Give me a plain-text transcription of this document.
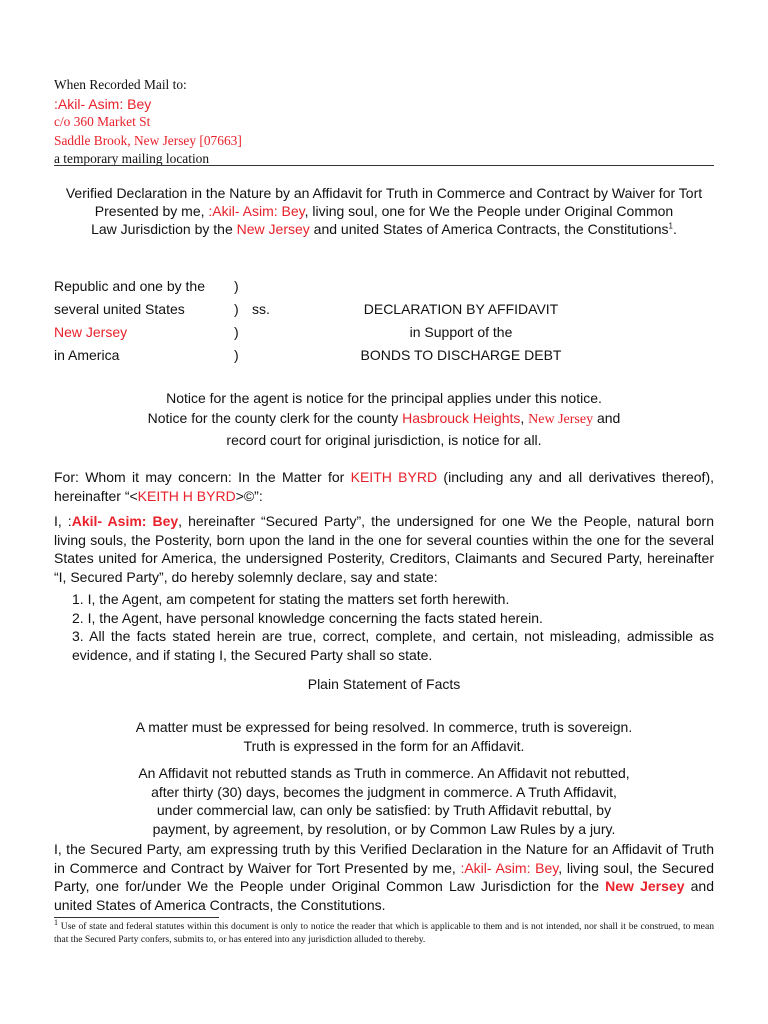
When Recorded Mail to:
:Akil- Asim: Bey
c/o 360 Market St
Saddle Brook, New Jersey [07663]
a temporary mailing location
Verified Declaration in the Nature by an Affidavit for Truth in Commerce and Contract by Waiver for Tort Presented by me, :Akil- Asim: Bey, living soul, one for We the People under Original Common
Law Jurisdiction by the New Jersey and united States of America Contracts, the Constitutions$^1$.
Republic and one by the )
several united States	) ss.	DECLARATION BY AFFIDAVIT
New Jersey	)	in Support of the
in America	)	BONDS TO DISCHARGE DEBT
Notice for the agent is notice for the principal applies under this notice.
Notice for the county clerk for the county Hasbrouck Heights, New Jersey and
record court for original jurisdiction, is notice for all.
For: Whom it may concern: In the Matter for KEITH BYRD (including any and all derivatives thereof), hereinafter “<KEITH H BYRD>©”:
I, :Akil- Asim: Bey, hereinafter “Secured Party”, the undersigned for one We the People, natural born living souls, the Posterity, born upon the land in the one for several counties within the one for the several States united for America, the undersigned Posterity, Creditors, Claimants and Secured Party, hereinafter “I, Secured Party”, do hereby solemnly declare, say and state:

1. I, the Agent, am competent for stating the matters set forth herewith.

2. I, the Agent, have personal knowledge concerning the facts stated herein.

3. All the facts stated herein are true, correct, complete, and certain, not misleading, admissible as evidence, and if stating I, the Secured Party shall so state.

Plain Statement of Facts
A matter must be expressed for being resolved. In commerce, truth is sovereign.
Truth is expressed in the form for an Affidavit.
An Affidavit not rebutted stands as Truth in commerce. An Affidavit not rebutted,
after thirty (30) days, becomes the judgment in commerce. A Truth Affidavit,
under commercial law, can only be satisfied: by Truth Affidavit rebuttal, by
payment, by agreement, by resolution, or by Common Law Rules by a jury.
I, the Secured Party, am expressing truth by this Verified Declaration in the Nature for an Affidavit of Truth in Commerce and Contract by Waiver for Tort Presented by me, :Akil- Asim: Bey, living soul, the Secured Party, one for/under We the People under Original Common Law Jurisdiction for the New Jersey and united States of America Contracts, the Constitutions.
$^1$ Use of state and federal statutes within this document is only to notice the reader that which is applicable to them and is not intended, nor shall it be construed, to mean that the Secured Party confers, submits to, or has entered into any jurisdiction alluded to thereby.
